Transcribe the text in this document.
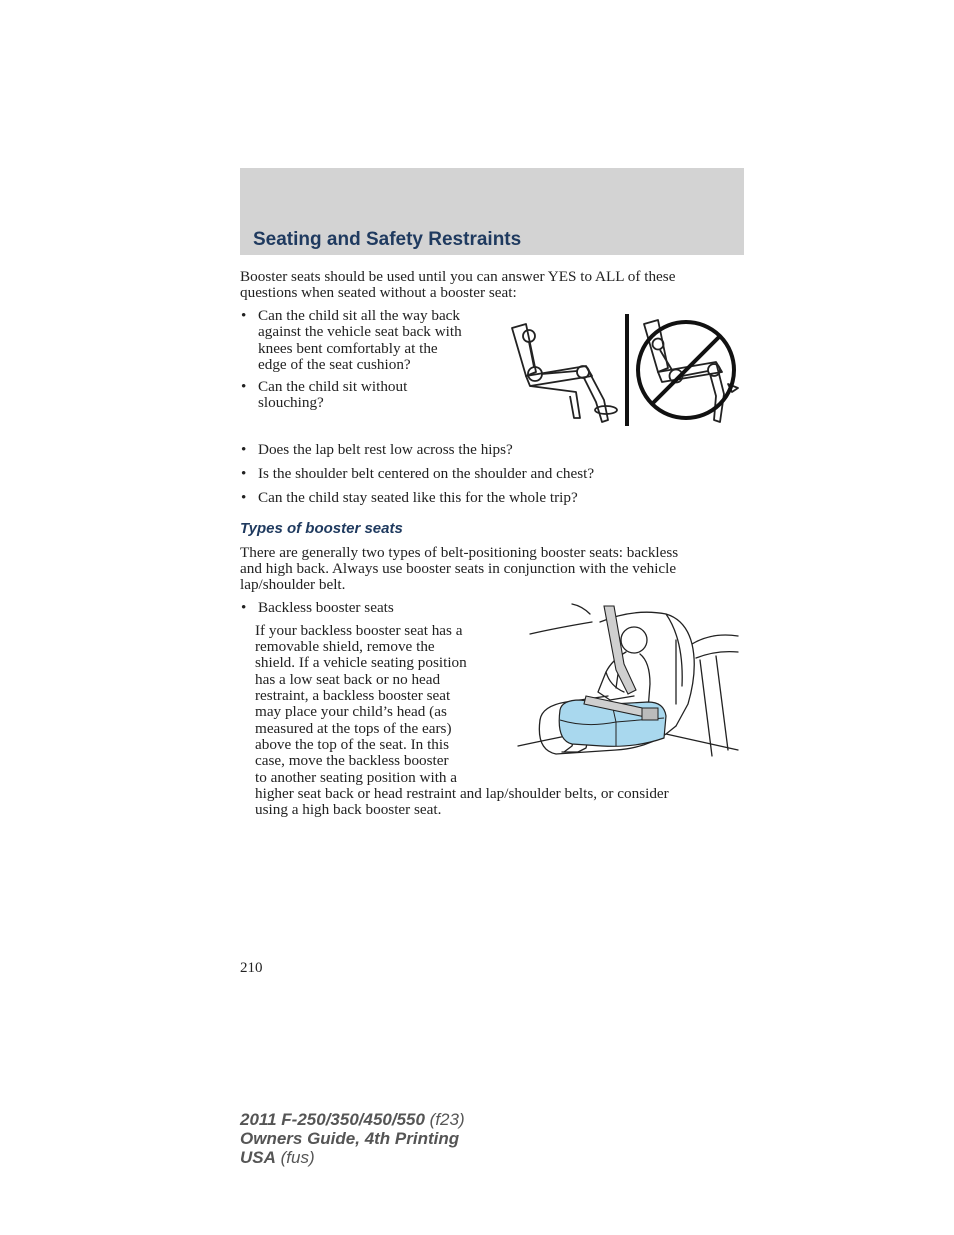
Seating and Safety Restraints
Booster seats should be used until you can answer YES to ALL of these
questions when seated without a booster seat:
• Can the child sit all the way back
against the vehicle seat back with
knees bent comfortably at the
edge of the seat cushion?
• Can the child sit without
slouching?
• Does the lap belt rest low across the hips?
• Is the shoulder belt centered on the shoulder and chest?
• Can the child stay seated like this for the whole trip?
Types of booster seats
There are generally two types of belt-positioning booster seats: backless
and high back. Always use booster seats in conjunction with the vehicle
lap/shoulder belt.
• Backless booster seats
If your backless booster seat has a
removable shield, remove the
shield. If a vehicle seating position
has a low seat back or no head
restraint, a backless booster seat
may place your child’s head (as
measured at the tops of the ears)
above the top of the seat. In this
case, move the backless booster
to another seating position with a
higher seat back or head restraint and lap/shoulder belts, or consider
using a high back booster seat.
210
2011 F-250/350/450/550 (f23)
Owners Guide, 4th Printing
USA (fus)
